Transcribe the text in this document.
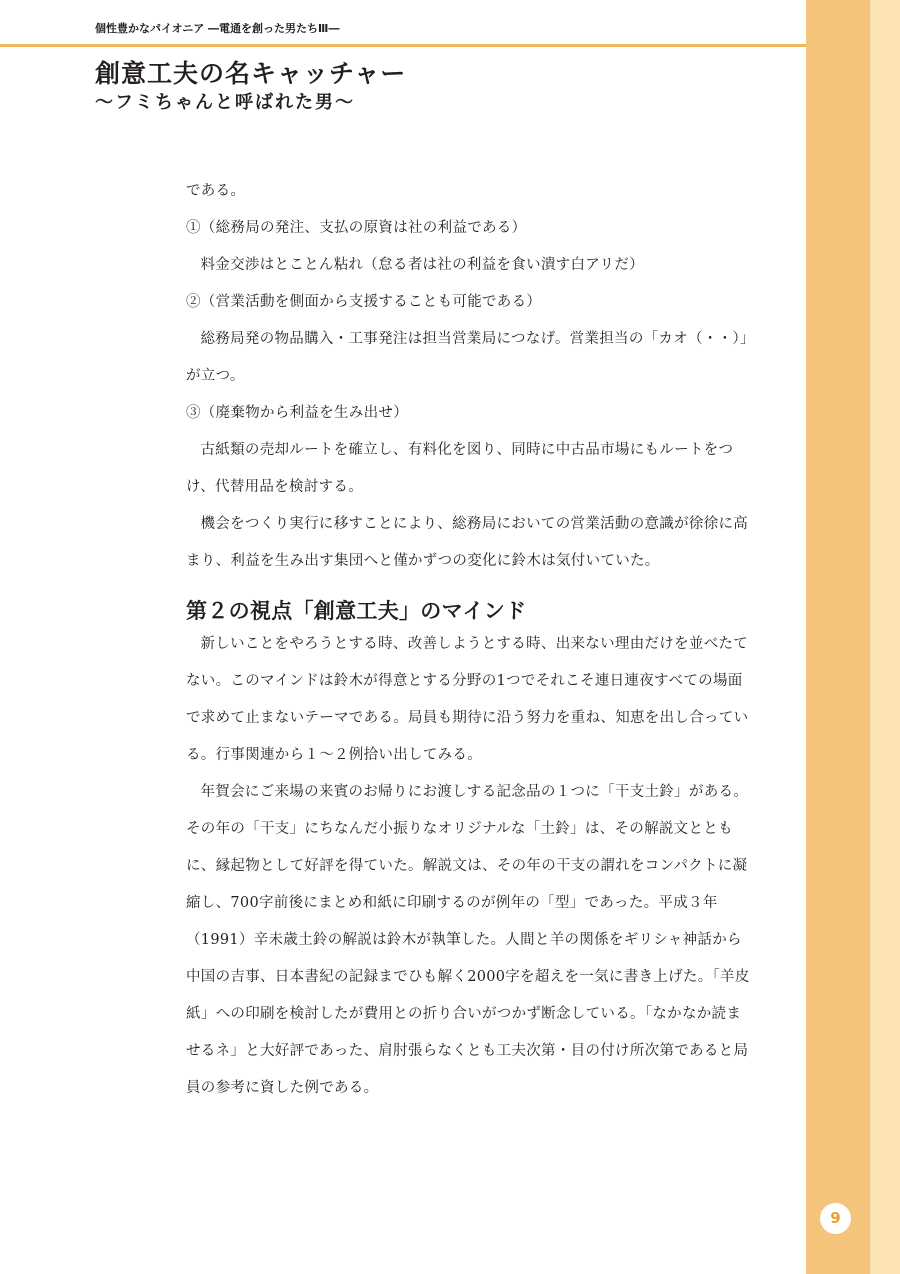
個性豊かなパイオニア ―電通を創った男たちⅢ―
創意工夫の名キャッチャー
～フミちゃんと呼ばれた男～

である。

①（総務局の発注、支払の原資は社の利益である）

料金交渉はとことん粘れ（怠る者は社の利益を食い潰す白アリだ）

②（営業活動を側面から支援することも可能である）

総務局発の物品購入・工事発注は担当営業局につなげ。営業担当の「カオ（・・）」が立つ。

③（廃棄物から利益を生み出せ）

古紙類の売却ルートを確立し、有料化を図り、同時に中古品市場にもルートをつけ、代替用品を検討する。

機会をつくり実行に移すことにより、総務局においての営業活動の意識が徐徐に高まり、利益を生み出す集団へと僅かずつの変化に鈴木は気付いていた。

第２の視点「創意工夫」のマインド

新しいことをやろうとする時、改善しようとする時、出来ない理由だけを並べたてない。このマインドは鈴木が得意とする分野の1つでそれこそ連日連夜すべての場面で求めて止まないテーマである。局員も期待に沿う努力を重ね、知恵を出し合っている。行事関連から１～２例拾い出してみる。

年賀会にご来場の来賓のお帰りにお渡しする記念品の１つに「干支土鈴」がある。その年の「干支」にちなんだ小振りなオリジナルな「土鈴」は、その解説文とともに、縁起物として好評を得ていた。解説文は、その年の干支の謂れをコンパクトに凝縮し、700字前後にまとめ和紙に印刷するのが例年の「型」であった。平成３年（1991）辛未歳土鈴の解説は鈴木が執筆した。人間と羊の関係をギリシャ神話から中国の吉事、日本書紀の記録までひも解く2000字を超えを一気に書き上げた。「羊皮紙」への印刷を検討したが費用との折り合いがつかず断念している。「なかなか読ませるネ」と大好評であった、肩肘張らなくとも工夫次第・目の付け所次第であると局員の参考に資した例である。

9
